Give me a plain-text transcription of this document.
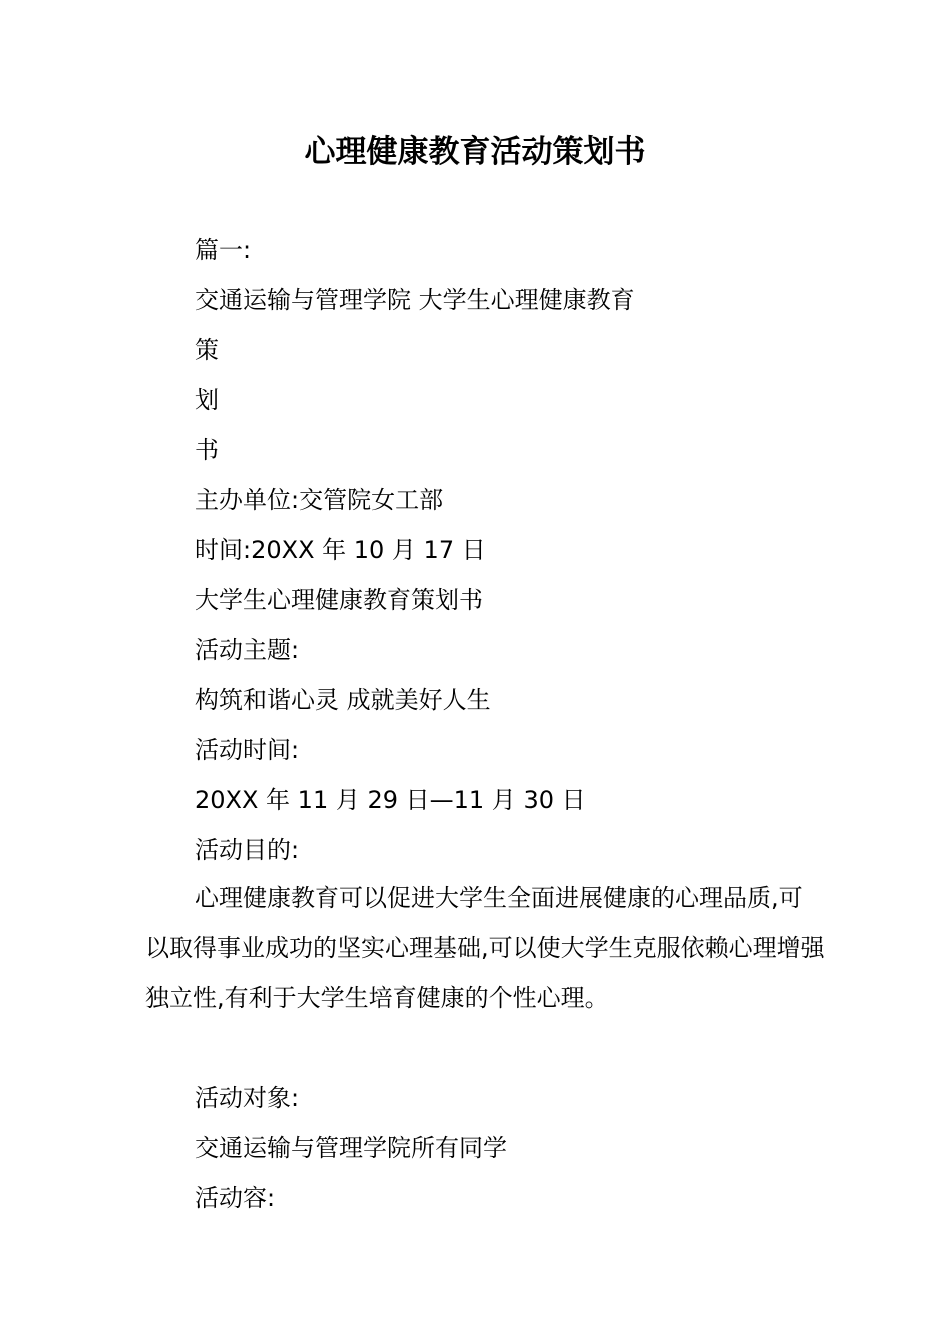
心理健康教育活动策划书
篇一:
交通运输与管理学院 大学生心理健康教育
策
划
书
主办单位:交管院女工部
时间:20XX 年 10 月 17 日
大学生心理健康教育策划书
活动主题:
构筑和谐心灵 成就美好人生
活动时间:
20XX 年 11 月 29 日—11 月 30 日
活动目的:

心理健康教育可以促进大学生全面进展健康的心理品质,可以取得事业成功的坚实心理基础,可以使大学生克服依赖心理增强独立性,有利于大学生培育健康的个性心理。

活动对象:
交通运输与管理学院所有同学
活动容:
